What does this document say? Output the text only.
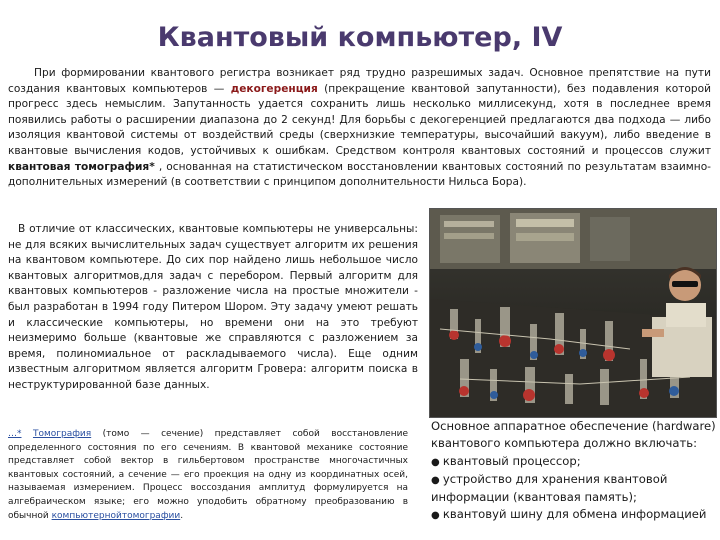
Квантовый компьютер, IV

При формировании квантового регистра возникает ряд трудно разрешимых задач. Основное препятствие на пути создания квантовых компьютеров — декогеренция (прекращение квантовой запутанности), без подавления которой прогресс здесь немыслим. Запутанность удается сохранить лишь несколько миллисекунд, хотя в последнее время появились работы о расширении диапазона до 2 секунд! Для борьбы с декогеренцией предлагаются два подхода — либо изоляция квантовой системы от воздействий среды (сверхнизкие температуры, высочайший вакуум), либо введение в квантовые вычисления кодов, устойчивых к ошибкам. Средством контроля квантовых состояний и процессов служит квантовая томография* , основанная на статистическом восстановлении квантовых состояний по результатам взаимно-дополнительных измерений (в соответствии с принципом дополнительности Нильса Бора).

В отличие от классических, квантовые компьютеры не универсальны: не для всяких вычислительных задач существует алгоритм их решения на квантовом компьютере. До сих пор найдено лишь небольшое число квантовых алгоритмов,для задач с перебором. Первый алгоритм для квантовых компьютеров - разложение числа на простые множители - был разработан в 1994 году Питером Шором. Эту задачу умеют решать и классические компьютеры, но времени они на это требуют неизмеримо больше (квантовые же справляются с разложением за время, полиномиальное от раскладываемого числа). Еще одним известным алгоритмом является алгоритм Гровера: алгоритм поиска в неструктурированной базе данных.

…* Томография (томо — сечение) представляет собой восстановление определенного состояния по его сечениям. В квантовой механике состояние представляет собой вектор в гильбертовом пространстве многочастичных квантовых состояний, а сечение — его проекция на одну из координатных осей, называемая измерением. Процесс воссоздания амплитуд формулируется на алгебраическом языке; его можно уподобить обратному преобразованию в обычной компьютернойтомографии.

Основное аппаратное обеспечение (hardware) квантового компьютера должно включать:
● квантовый процессор;
● устройство для хранения квантовой информации (квантовая память);
● квантовуй шину для обмена информацией
